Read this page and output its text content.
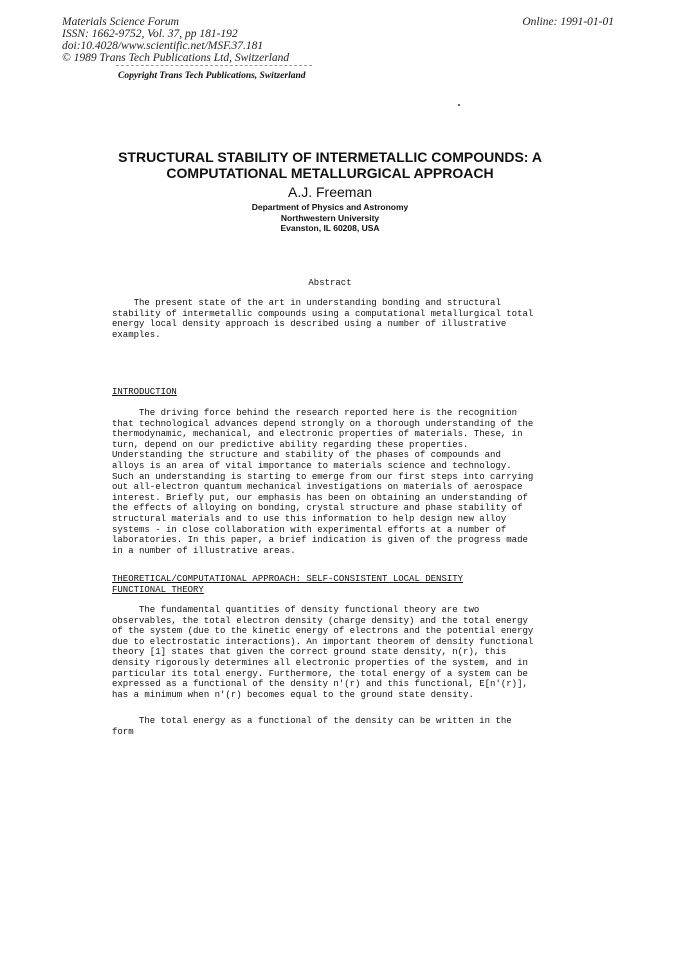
Materials Science Forum
ISSN: 1662-9752, Vol. 37, pp 181-192
doi:10.4028/www.scientific.net/MSF.37.181
© 1989 Trans Tech Publications Ltd, Switzerland
Online: 1991-01-01
Copyright Trans Tech Publications, Switzerland
STRUCTURAL STABILITY OF INTERMETALLIC COMPOUNDS: A
COMPUTATIONAL METALLURGICAL APPROACH
A.J. Freeman
Department of Physics and Astronomy
Northwestern University
Evanston, IL 60208, USA
Abstract
The present state of the art in understanding bonding and structural
stability of intermetallic compounds using a computational metallurgical total
energy local density approach is described using a number of illustrative
examples.
INTRODUCTION
The driving force behind the research reported here is the recognition
that technological advances depend strongly on a thorough understanding of the
thermodynamic, mechanical, and electronic properties of materials. These, in
turn, depend on our predictive ability regarding these properties.
Understanding the structure and stability of the phases of compounds and
alloys is an area of vital importance to materials science and technology.
Such an understanding is starting to emerge from our first steps into carrying
out all-electron quantum mechanical investigations on materials of aerospace
interest. Briefly put, our emphasis has been on obtaining an understanding of
the effects of alloying on bonding, crystal structure and phase stability of
structural materials and to use this information to help design new alloy
systems - in close collaboration with experimental efforts at a number of
laboratories. In this paper, a brief indication is given of the progress made
in a number of illustrative areas.
THEORETICAL/COMPUTATIONAL APPROACH: SELF-CONSISTENT LOCAL DENSITY
FUNCTIONAL THEORY
The fundamental quantities of density functional theory are two
observables, the total electron density (charge density) and the total energy
of the system (due to the kinetic energy of electrons and the potential energy
due to electrostatic interactions). An important theorem of density functional
theory [1] states that given the correct ground state density, n(r), this
density rigorously determines all electronic properties of the system, and in
particular its total energy. Furthermore, the total energy of a system can be
expressed as a functional of the density n'(r) and this functional, E[n'(r)],
has a minimum when n'(r) becomes equal to the ground state density.
The total energy as a functional of the density can be written in the
form
